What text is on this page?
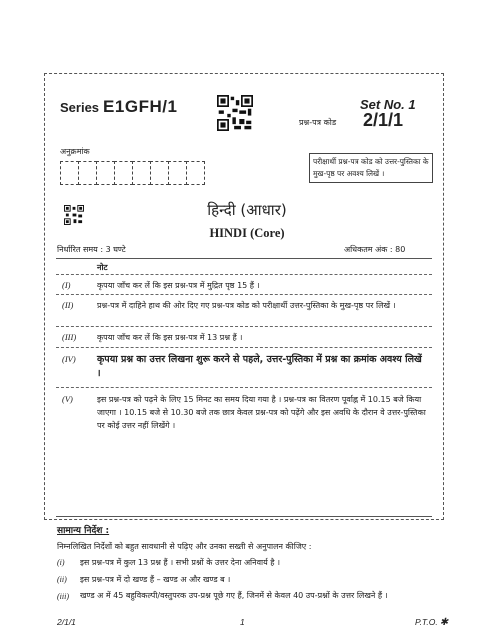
Series E1GFH/1	Set No. 1
प्रश्न-पत्र कोड 2/1/1
अनुक्रमांक
परीक्षार्थी प्रश्न-पत्र कोड को उत्तर-पुस्तिका के मुख-पृष्ठ पर अवश्य लिखें ।
हिन्दी (आधार)
HINDI (Core)
निर्धारित समय : 3 घण्टे	अधिकतम अंक : 80
नोट
(I)	कृपया जाँच कर लें कि इस प्रश्न-पत्र में मुद्रित पृष्ठ 15 हैं ।
(II)	प्रश्न-पत्र में दाहिने हाथ की ओर दिए गए प्रश्न-पत्र कोड को परीक्षार्थी उत्तर-पुस्तिका के मुख-पृष्ठ पर लिखें ।
(III)	कृपया जाँच कर लें कि इस प्रश्न-पत्र में 13 प्रश्न हैं ।
(IV) कृपया प्रश्न का उत्तर लिखना शुरू करने से पहले, उत्तर-पुस्तिका में प्रश्न का क्रमांक अवश्य लिखें ।
(V)	इस प्रश्न-पत्र को पढ़ने के लिए 15 मिनट का समय दिया गया है । प्रश्न-पत्र का वितरण पूर्वाह्न में 10.15 बजे किया जाएगा । 10.15 बजे से 10.30 बजे तक छात्र केवल प्रश्न-पत्र को पढ़ेंगे और इस अवधि के दौरान वे उत्तर-पुस्तिका पर कोई उत्तर नहीं लिखेंगे ।
सामान्य निर्देश :
निम्नलिखित निर्देशों को बहुत सावधानी से पढ़िए और उनका सख्ती से अनुपालन कीजिए :
(i) इस प्रश्न-पत्र में कुल 13 प्रश्न हैं । सभी प्रश्नों के उत्तर देना अनिवार्य है ।
(ii) इस प्रश्न-पत्र में दो खण्ड हैं – खण्ड अ और खण्ड ब ।
(iii) खण्ड अ में 45 बहुविकल्पी/वस्तुपरक उप-प्रश्न पूछे गए हैं, जिनमें से केवल 40 उप-प्रश्नों के उत्तर लिखने हैं ।
2/1/1	1	P.T.O. ✱
